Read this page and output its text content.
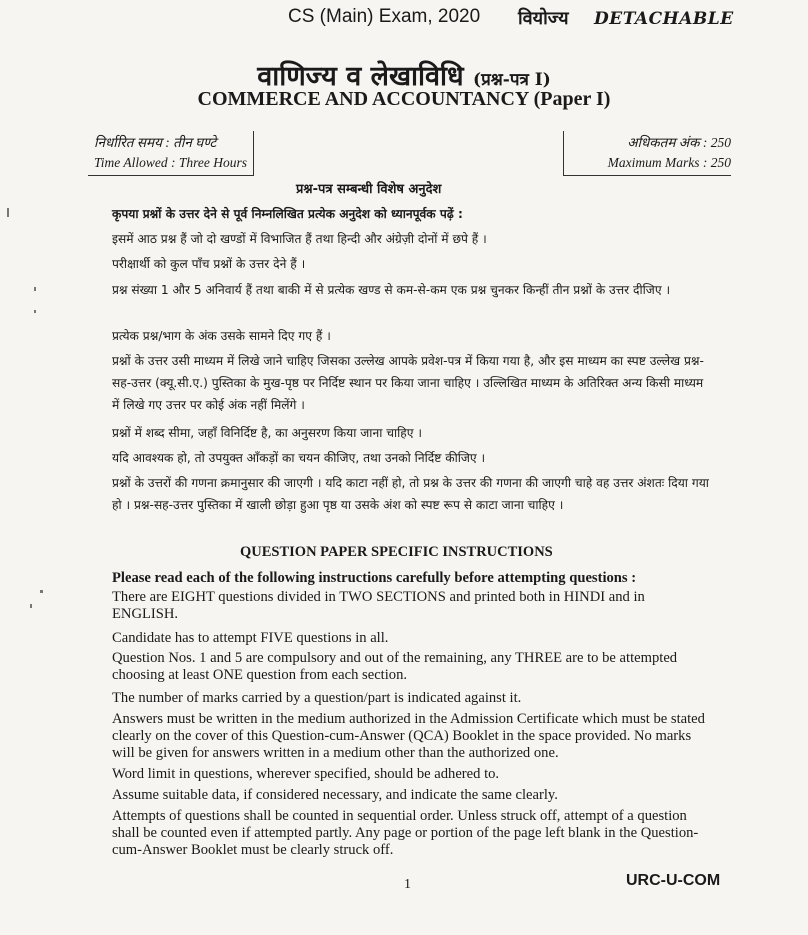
CS (Main) Exam, 2020 वियोज्य DETACHABLE
वाणिज्य व लेखाविधि (प्रश्न-पत्र I)
COMMERCE AND ACCOUNTANCY (Paper I)
निर्धारित समय : तीन घण्टे
Time Allowed : Three Hours
अधिकतम अंक : 250
Maximum Marks : 250
प्रश्न-पत्र सम्बन्धी विशेष अनुदेश
कृपया प्रश्नों के उत्तर देने से पूर्व निम्नलिखित प्रत्येक अनुदेश को ध्यानपूर्वक पढ़ें :
इसमें आठ प्रश्न हैं जो दो खण्डों में विभाजित हैं तथा हिन्दी और अंग्रेज़ी दोनों में छपे हैं ।
परीक्षार्थी को कुल पाँच प्रश्नों के उत्तर देने हैं ।
प्रश्न संख्या 1 और 5 अनिवार्य हैं तथा बाकी में से प्रत्येक खण्ड से कम-से-कम एक प्रश्न चुनकर किन्हीं तीन प्रश्नों के उत्तर दीजिए ।
प्रत्येक प्रश्न/भाग के अंक उसके सामने दिए गए हैं ।
प्रश्नों के उत्तर उसी माध्यम में लिखे जाने चाहिए जिसका उल्लेख आपके प्रवेश-पत्र में किया गया है, और इस माध्यम का स्पष्ट उल्लेख प्रश्न-सह-उत्तर (क्यू.सी.ए.) पुस्तिका के मुख-पृष्ठ पर निर्दिष्ट स्थान पर किया जाना चाहिए । उल्लिखित माध्यम के अतिरिक्त अन्य किसी माध्यम में लिखे गए उत्तर पर कोई अंक नहीं मिलेंगे ।
प्रश्नों में शब्द सीमा, जहाँ विनिर्दिष्ट है, का अनुसरण किया जाना चाहिए ।
यदि आवश्यक हो, तो उपयुक्त आँकड़ों का चयन कीजिए, तथा उनको निर्दिष्ट कीजिए ।
प्रश्नों के उत्तरों की गणना क्रमानुसार की जाएगी । यदि काटा नहीं हो, तो प्रश्न के उत्तर की गणना की जाएगी चाहे वह उत्तर अंशतः दिया गया हो । प्रश्न-सह-उत्तर पुस्तिका में खाली छोड़ा हुआ पृष्ठ या उसके अंश को स्पष्ट रूप से काटा जाना चाहिए ।
QUESTION PAPER SPECIFIC INSTRUCTIONS
Please read each of the following instructions carefully before attempting questions :
There are EIGHT questions divided in TWO SECTIONS and printed both in HINDI and in ENGLISH.
Candidate has to attempt FIVE questions in all.
Question Nos. 1 and 5 are compulsory and out of the remaining, any THREE are to be attempted choosing at least ONE question from each section.
The number of marks carried by a question/part is indicated against it.
Answers must be written in the medium authorized in the Admission Certificate which must be stated clearly on the cover of this Question-cum-Answer (QCA) Booklet in the space provided. No marks will be given for answers written in a medium other than the authorized one.
Word limit in questions, wherever specified, should be adhered to.
Assume suitable data, if considered necessary, and indicate the same clearly.
Attempts of questions shall be counted in sequential order. Unless struck off, attempt of a question shall be counted even if attempted partly. Any page or portion of the page left blank in the Question-cum-Answer Booklet must be clearly struck off.
1	URC-U-COM
